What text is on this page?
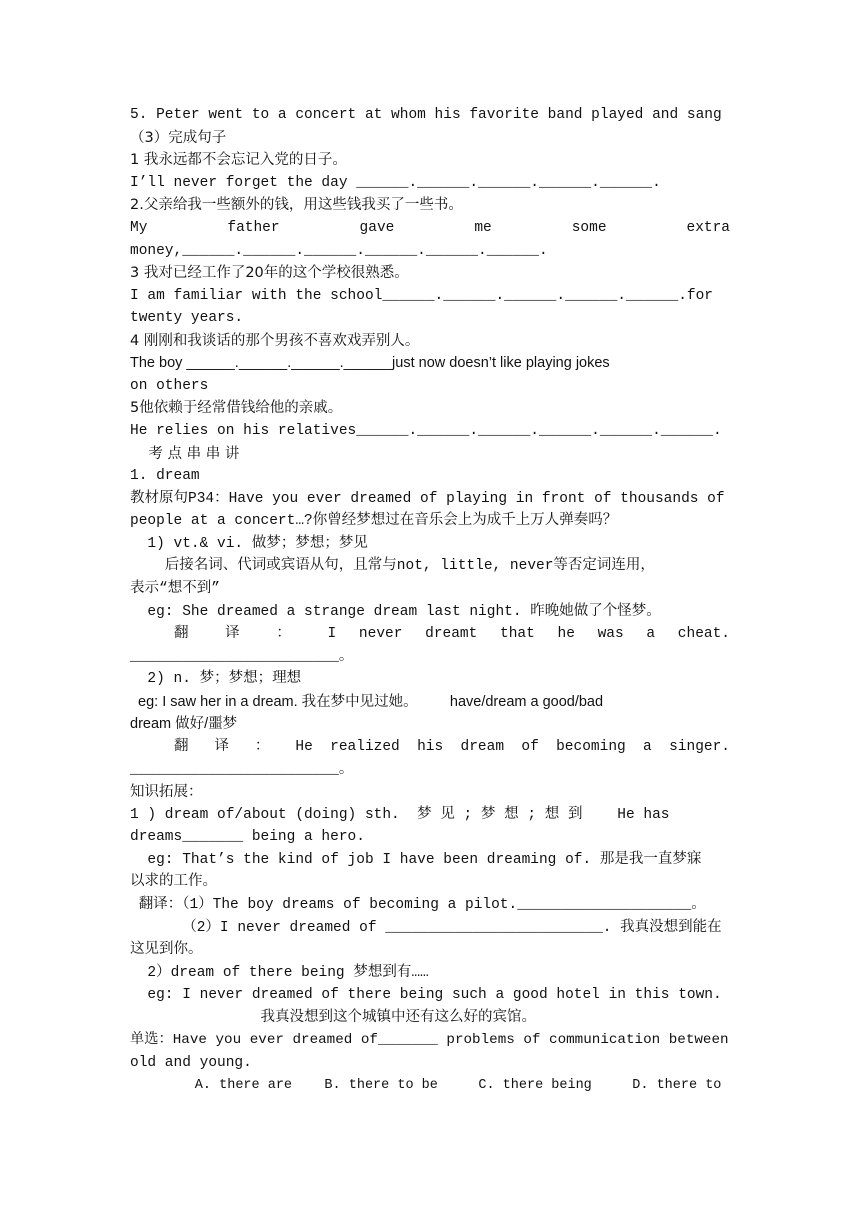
5. Peter went to a concert at whom his favorite band played and sang
（3）完成句子
1 我永远都不会忘记入党的日子。
I’ll never forget the day ______.______.______.______.______.
2.父亲给我一些额外的钱，用这些钱我买了一些书。
My father gave me some extra
money,______.______.______.______.______.______.
3 我对已经工作了20年的这个学校很熟悉。
I am familiar with the school______.______.______.______.______.for
twenty years.
4 刚刚和我谈话的那个男孩不喜欢戏弄别人。
The boy ______.______.______.______just now doesn’t like playing jokes
on others
5他依赖于经常借钱给他的亲戚。
He relies on his relatives______.______.______.______.______.______.
考 点 串 串 讲
1. dream
教材原句P34：Have you ever dreamed of playing in front of thousands of
people at a concert…?你曾经梦想过在音乐会上为成千上万人弹奏吗？
1) vt.& vi. 做梦；梦想；梦见
后接名词、代词或宾语从句，且常与not, little, never等否定词连用，
表示“想不到”
eg: She dreamed a strange dream last night. 昨晚她做了个怪梦。
翻 译 ： I never dreamt that he was a cheat.
________________________。
2) n. 梦；梦想；理想
eg: I saw her in a dream. 我在梦中见过她。        have/dream a good/bad
dream 做好/噩梦
翻 译 ： He realized his dream of becoming a singer.
________________________。
知识拓展：
1 ) dream of/about (doing) sth.  梦 见 ; 梦 想 ; 想 到    He has
dreams_______ being a hero.
eg: That’s the kind of job I have been dreaming of. 那是我一直梦寐
以求的工作。
翻译：（1）The boy dreams of becoming a pilot.____________________。
（2）I never dreamed of _________________________. 我真没想到能在
这见到你。
2）dream of there being 梦想到有……
eg: I never dreamed of there being such a good hotel in this town.
我真没想到这个城镇中还有这么好的宾馆。
单选：Have you ever dreamed of_______ problems of communication between
old and young.
A. there are    B. there to be     C. there being     D. there to
